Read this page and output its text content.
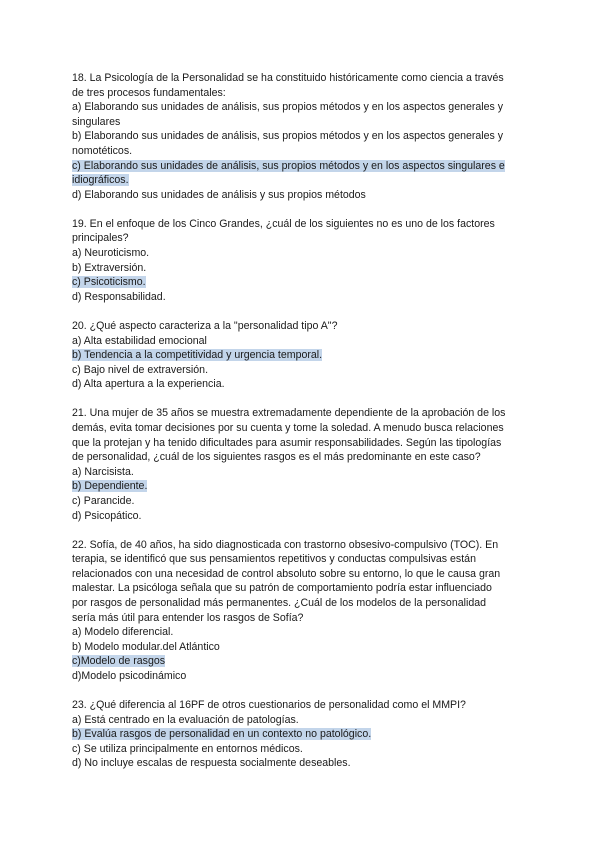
18. La Psicología de la Personalidad se ha constituido históricamente como ciencia a través
de tres procesos fundamentales:
a) Elaborando sus unidades de análisis, sus propios métodos y en los aspectos generales y
singulares
b) Elaborando sus unidades de análisis, sus propios métodos y en los aspectos generales y
nomotéticos.
c) Elaborando sus unidades de análisis, sus propios métodos y en los aspectos singulares e
idiográficos.
d) Elaborando sus unidades de análisis y sus propios métodos
19. En el enfoque de los Cinco Grandes, ¿cuál de los siguientes no es uno de los factores
principales?
a) Neuroticismo.
b) Extraversión.
c) Psicoticismo.
d) Responsabilidad.
20. ¿Qué aspecto caracteriza a la "personalidad tipo A"?
a) Alta estabilidad emocional
b) Tendencia a la competitividad y urgencia temporal.
c) Bajo nivel de extraversión.
d) Alta apertura a la experiencia.
21. Una mujer de 35 años se muestra extremadamente dependiente de la aprobación de los
demás, evita tomar decisiones por su cuenta y tome la soledad. A menudo busca relaciones
que la protejan y ha tenido dificultades para asumir responsabilidades. Según las tipologías
de personalidad, ¿cuál de los siguientes rasgos es el más predominante en este caso?
a) Narcisista.
b) Dependiente.
c) Parancide.
d) Psicopático.
22. Sofía, de 40 años, ha sido diagnosticada con trastorno obsesivo-compulsivo (TOC). En
terapia, se identificó que sus pensamientos repetitivos y conductas compulsivas están
relacionados con una necesidad de control absoluto sobre su entorno, lo que le causa gran
malestar. La psicóloga señala que su patrón de comportamiento podría estar influenciado
por rasgos de personalidad más permanentes. ¿Cuál de los modelos de la personalidad
sería más útil para entender los rasgos de Sofía?
a) Modelo diferencial.
b) Modelo modular.del Atlántico
c)Modelo de rasgos
d)Modelo psicodinámico
23. ¿Qué diferencia al 16PF de otros cuestionarios de personalidad como el MMPI?
a) Está centrado en la evaluación de patologías.
b) Evalúa rasgos de personalidad en un contexto no patológico.
c) Se utiliza principalmente en entornos médicos.
d) No incluye escalas de respuesta socialmente deseables.
